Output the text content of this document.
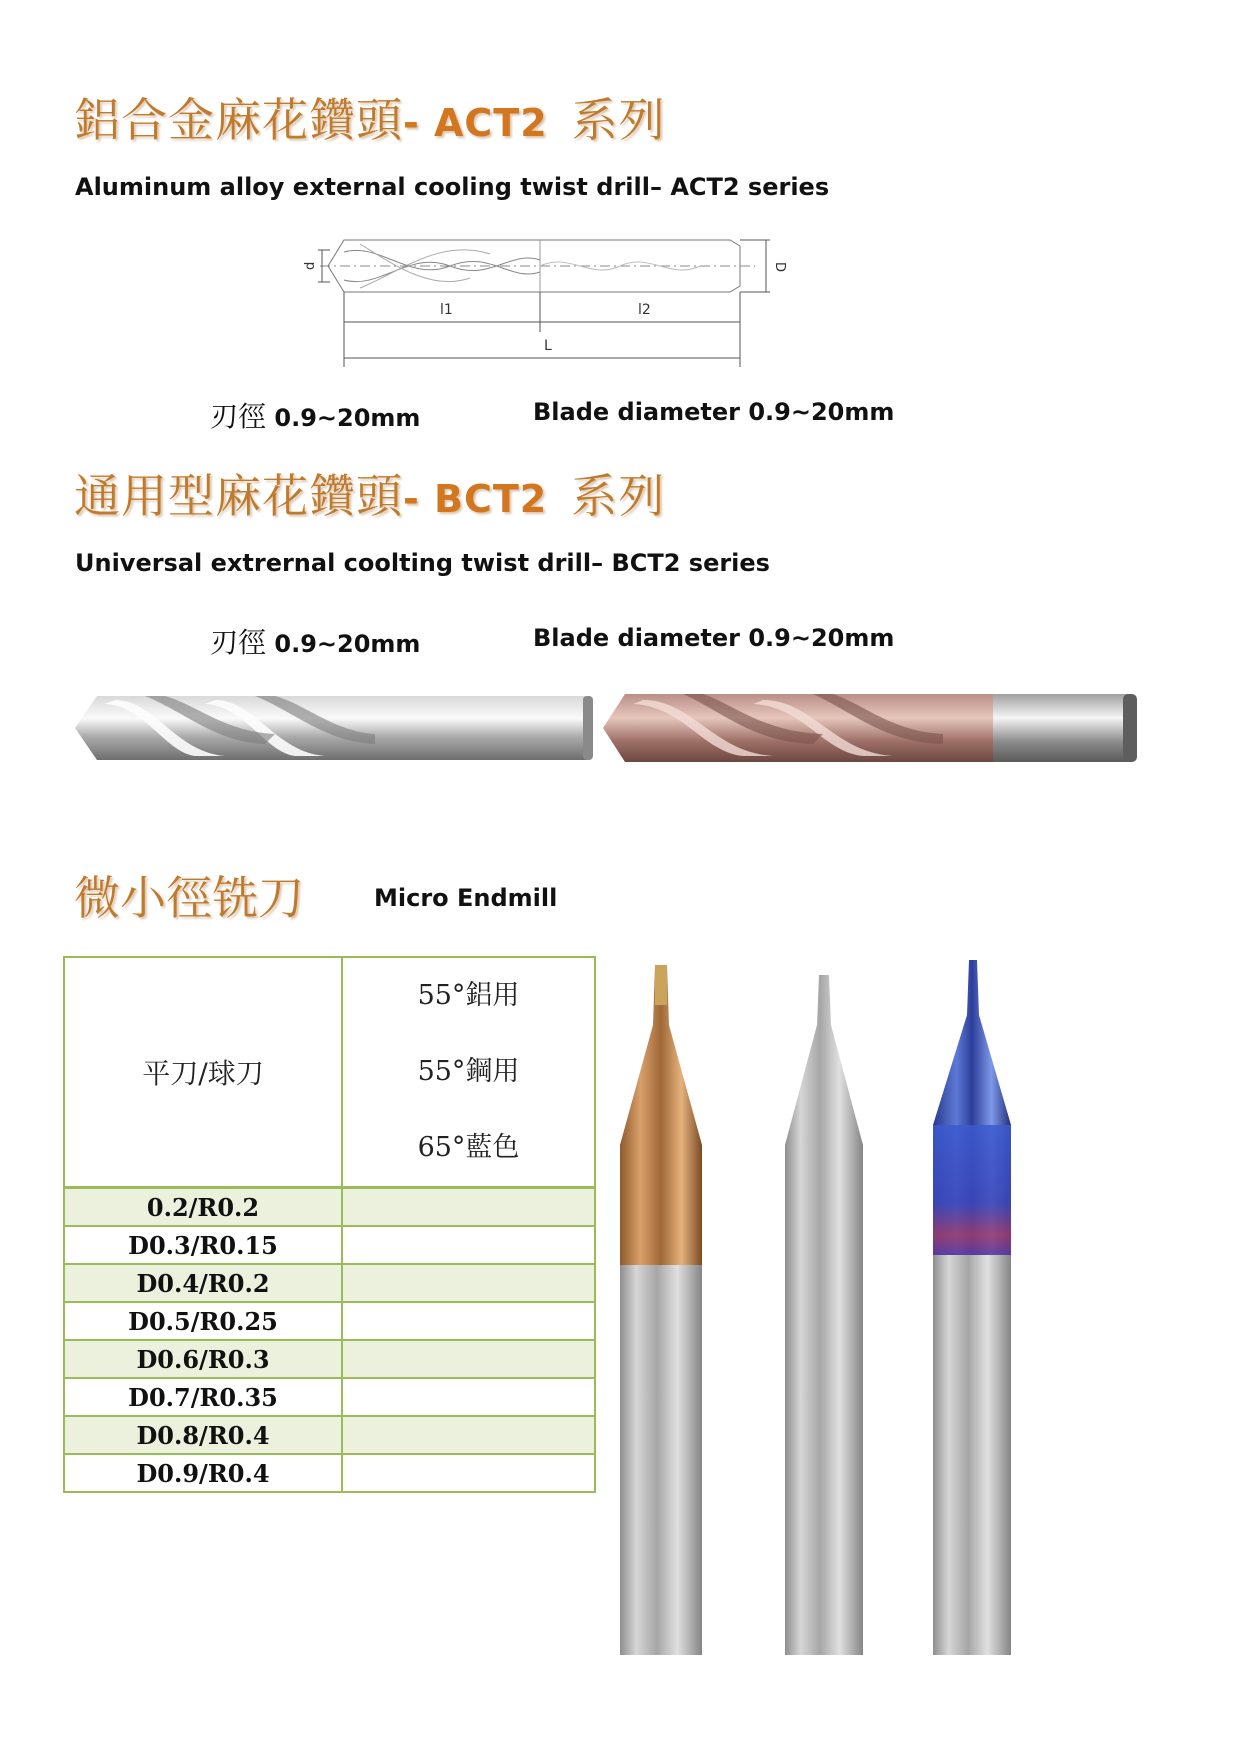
鋁合金麻花鑽頭- ACT2 系列
Aluminum alloy external cooling twist drill– ACT2 series
d	D
l1	l2
L
刃徑 0.9~20mm	Blade diameter 0.9~20mm
通用型麻花鑽頭- BCT2 系列
Universal extrernal coolting twist drill– BCT2 series
刃徑 0.9~20mm	Blade diameter 0.9~20mm
微小徑铣刀	Micro Endmill
平刀/球刀	55°鋁用
55°鋼用
65°藍色

0.2/R0.2	
D0.3/R0.15	
D0.4/R0.2	
D0.5/R0.25	
D0.6/R0.3	
D0.7/R0.35	
D0.8/R0.4	
D0.9/R0.4	
